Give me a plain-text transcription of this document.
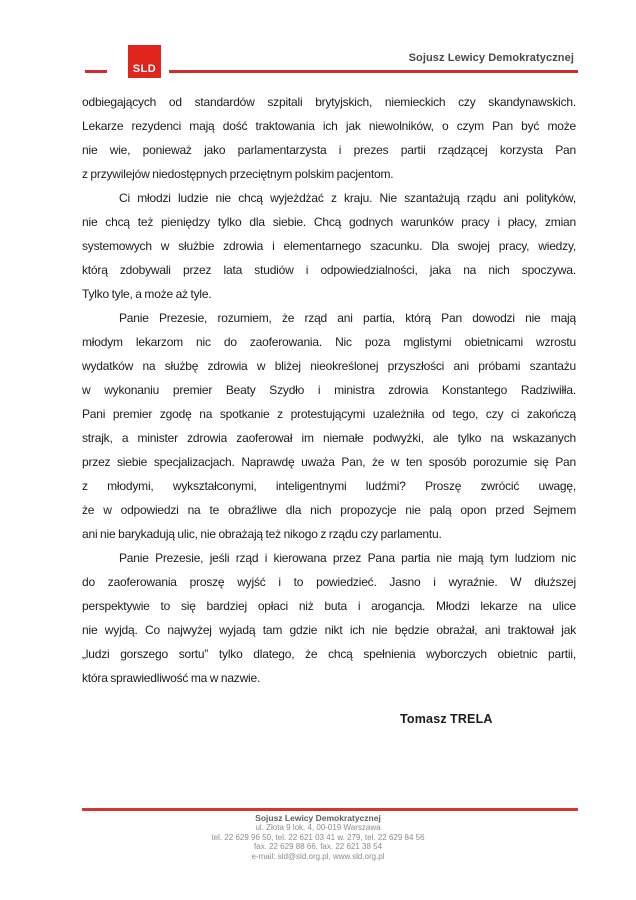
SLD
Sojusz Lewicy Demokratycznej
odbiegających od standardów szpitali brytyjskich, niemieckich czy skandynawskich.
Lekarze rezydenci mają dość traktowania ich jak niewolników, o czym Pan być może
nie wie, ponieważ jako parlamentarzysta i prezes partii rządzącej korzysta Pan
z przywilejów niedostępnych przeciętnym polskim pacjentom.
Ci młodzi ludzie nie chcą wyjeżdżać z kraju. Nie szantażują rządu ani polityków,
nie chcą też pieniędzy tylko dla siebie. Chcą godnych warunków pracy i płacy, zmian
systemowych w służbie zdrowia i elementarnego szacunku. Dla swojej pracy, wiedzy,
którą zdobywali przez lata studiów i odpowiedzialności, jaka na nich spoczywa.
Tylko tyle, a może aż tyle.
Panie Prezesie, rozumiem, że rząd ani partia, którą Pan dowodzi nie mają
młodym lekarzom nic do zaoferowania. Nic poza mglistymi obietnicami wzrostu
wydatków na służbę zdrowia w bliżej nieokreślonej przyszłości ani próbami szantażu
w wykonaniu premier Beaty Szydło i ministra zdrowia Konstantego Radziwiłła.
Pani premier zgodę na spotkanie z protestującymi uzależniła od tego, czy ci zakończą
strajk, a minister zdrowia zaoferował im niemałe podwyżki, ale tylko na wskazanych
przez siebie specjalizacjach. Naprawdę uważa Pan, że w ten sposób porozumie się Pan
z młodymi, wykształconymi, inteligentnymi ludźmi? Proszę zwrócić uwagę,
że w odpowiedzi na te obraźliwe dla nich propozycje nie palą opon przed Sejmem
ani nie barykadują ulic, nie obrażają też nikogo z rządu czy parlamentu.
Panie Prezesie, jeśli rząd i kierowana przez Pana partia nie mają tym ludziom nic
do zaoferowania proszę wyjść i to powiedzieć. Jasno i wyraźnie. W dłuższej
perspektywie to się bardziej opłaci niż buta i arogancja. Młodzi lekarze na ulice
nie wyjdą. Co najwyżej wyjadą tam gdzie nikt ich nie będzie obrażał, ani traktował jak
„ludzi gorszego sortu” tylko dlatego, że chcą spełnienia wyborczych obietnic partii,
która sprawiedliwość ma w nazwie.
Tomasz TRELA
Sojusz Lewicy Demokratycznej
ul. Złota 9 lok. 4, 00-019 Warszawa
tel. 22 629 96 50, tel. 22 621 03 41 w. 279, tel. 22 629 84 56
fax. 22 629 88 66, fax. 22 621 38 54
e-mail: sld@sld.org.pl, www.sld.org.pl
